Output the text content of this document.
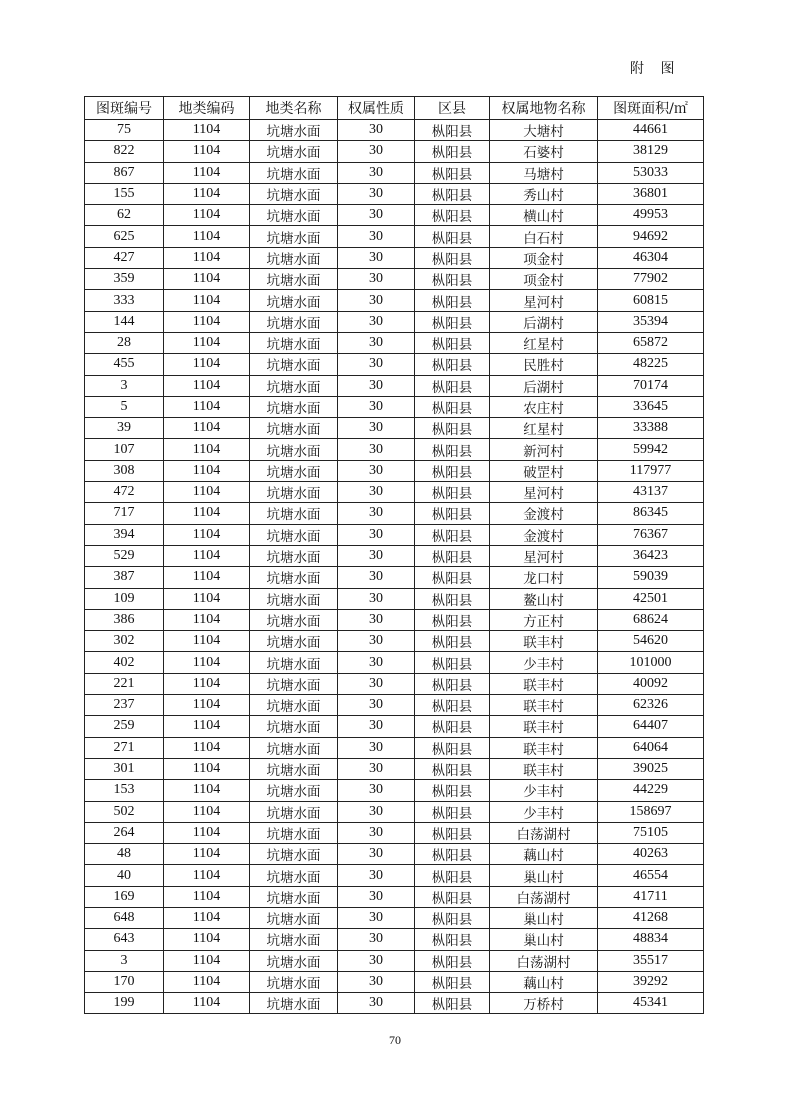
附 图
图斑编号	地类编码	地类名称	权属性质	区县	权属地物名称	图斑面积/㎡
75	1104	坑塘水面	30	枞阳县	大塘村	44661
822	1104	坑塘水面	30	枞阳县	石婆村	38129
867	1104	坑塘水面	30	枞阳县	马塘村	53033
155	1104	坑塘水面	30	枞阳县	秀山村	36801
62	1104	坑塘水面	30	枞阳县	横山村	49953
625	1104	坑塘水面	30	枞阳县	白石村	94692
427	1104	坑塘水面	30	枞阳县	项金村	46304
359	1104	坑塘水面	30	枞阳县	项金村	77902
333	1104	坑塘水面	30	枞阳县	星河村	60815
144	1104	坑塘水面	30	枞阳县	后湖村	35394
28	1104	坑塘水面	30	枞阳县	红星村	65872
455	1104	坑塘水面	30	枞阳县	民胜村	48225
3	1104	坑塘水面	30	枞阳县	后湖村	70174
5	1104	坑塘水面	30	枞阳县	农庄村	33645
39	1104	坑塘水面	30	枞阳县	红星村	33388
107	1104	坑塘水面	30	枞阳县	新河村	59942
308	1104	坑塘水面	30	枞阳县	破罡村	117977
472	1104	坑塘水面	30	枞阳县	星河村	43137
717	1104	坑塘水面	30	枞阳县	金渡村	86345
394	1104	坑塘水面	30	枞阳县	金渡村	76367
529	1104	坑塘水面	30	枞阳县	星河村	36423
387	1104	坑塘水面	30	枞阳县	龙口村	59039
109	1104	坑塘水面	30	枞阳县	鳌山村	42501
386	1104	坑塘水面	30	枞阳县	方正村	68624
302	1104	坑塘水面	30	枞阳县	联丰村	54620
402	1104	坑塘水面	30	枞阳县	少丰村	101000
221	1104	坑塘水面	30	枞阳县	联丰村	40092
237	1104	坑塘水面	30	枞阳县	联丰村	62326
259	1104	坑塘水面	30	枞阳县	联丰村	64407
271	1104	坑塘水面	30	枞阳县	联丰村	64064
301	1104	坑塘水面	30	枞阳县	联丰村	39025
153	1104	坑塘水面	30	枞阳县	少丰村	44229
502	1104	坑塘水面	30	枞阳县	少丰村	158697
264	1104	坑塘水面	30	枞阳县	白荡湖村	75105
48	1104	坑塘水面	30	枞阳县	藕山村	40263
40	1104	坑塘水面	30	枞阳县	巢山村	46554
169	1104	坑塘水面	30	枞阳县	白荡湖村	41711
648	1104	坑塘水面	30	枞阳县	巢山村	41268
643	1104	坑塘水面	30	枞阳县	巢山村	48834
3	1104	坑塘水面	30	枞阳县	白荡湖村	35517
170	1104	坑塘水面	30	枞阳县	藕山村	39292
199	1104	坑塘水面	30	枞阳县	万桥村	45341
70
